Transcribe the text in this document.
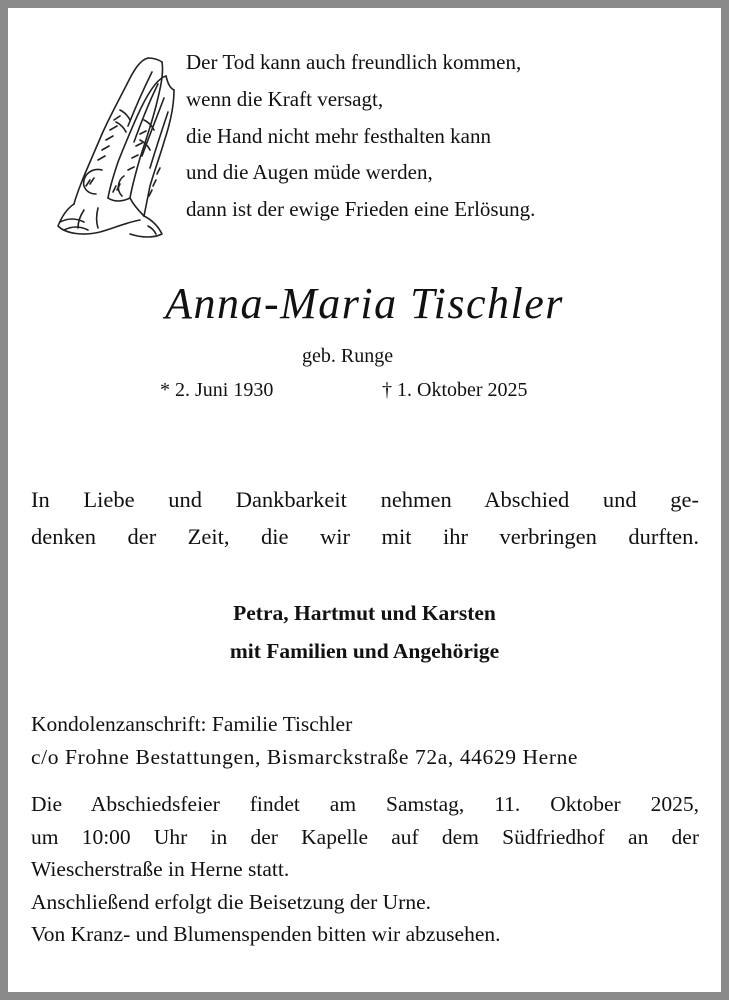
Der Tod kann auch freundlich kommen,
wenn die Kraft versagt,
die Hand nicht mehr festhalten kann
und die Augen müde werden,
dann ist der ewige Frieden eine Erlösung.
Anna-Maria Tischler
geb. Runge
* 2. Juni 1930	† 1. Oktober 2025
In Liebe und Dankbarkeit nehmen Abschied und ge-
denken der Zeit, die wir mit ihr verbringen durften.
Petra, Hartmut und Karsten
mit Familien und Angehörige
Kondolenzanschrift: Familie Tischler
c/o Frohne Bestattungen, Bismarckstraße 72a, 44629 Herne
Die Abschiedsfeier findet am Samstag, 11. Oktober 2025,
um 10:00 Uhr in der Kapelle auf dem Südfriedhof an der
Wiescherstraße in Herne statt.
Anschließend erfolgt die Beisetzung der Urne.
Von Kranz- und Blumenspenden bitten wir abzusehen.
